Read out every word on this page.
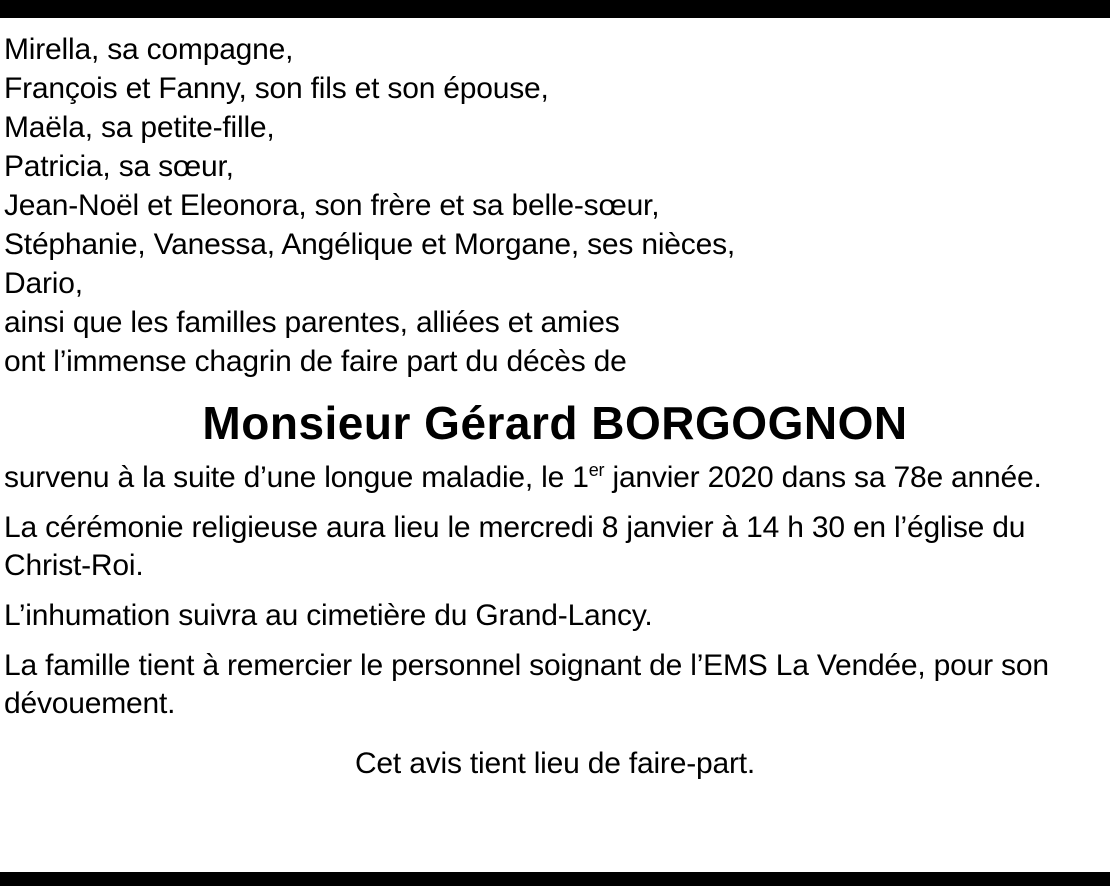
Mirella, sa compagne,
François et Fanny, son fils et son épouse,
Maëla, sa petite-fille,
Patricia, sa sœur,
Jean-Noël et Eleonora, son frère et sa belle-sœur,
Stéphanie, Vanessa, Angélique et Morgane, ses nièces,
Dario,
ainsi que les familles parentes, alliées et amies
ont l’immense chagrin de faire part du décès de
Monsieur Gérard BORGOGNON
survenu à la suite d’une longue maladie, le 1er janvier 2020 dans sa 78e année.
La cérémonie religieuse aura lieu le mercredi 8 janvier à 14 h 30 en l’église du Christ-Roi.
L’inhumation suivra au cimetière du Grand-Lancy.
La famille tient à remercier le personnel soignant de l’EMS La Vendée, pour son dévouement.
Cet avis tient lieu de faire-part.
